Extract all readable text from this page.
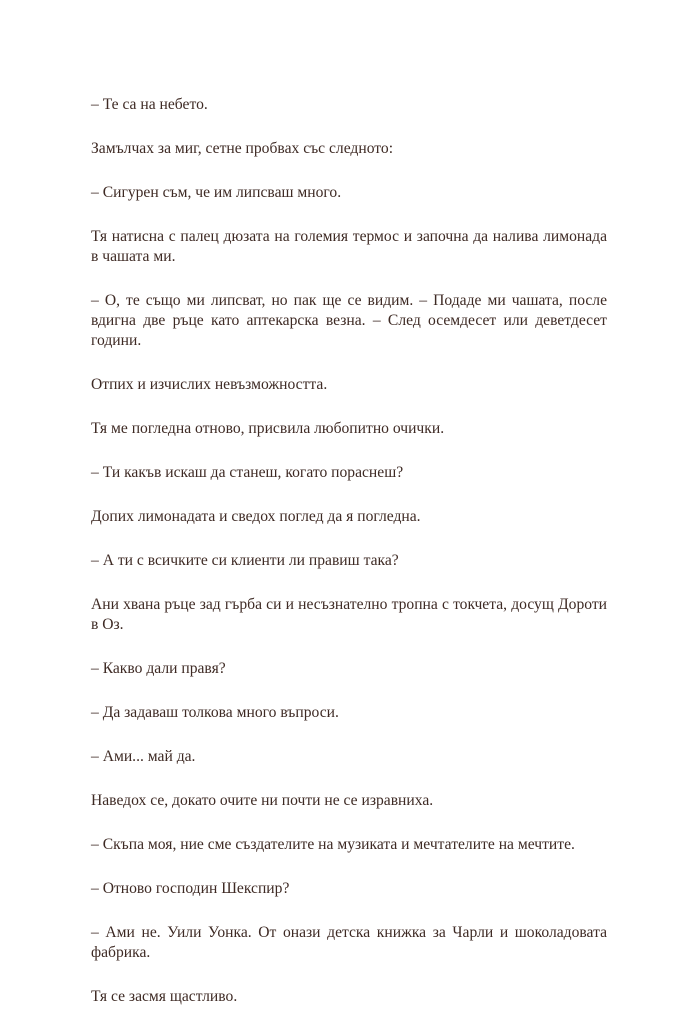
– Те са на небето.

Замълчах за миг, сетне пробвах със следното:

– Сигурен съм, че им липсваш много.

Тя натисна с палец дюзата на големия термос и започна да налива лимонада в чашата ми.

– О, те също ми липсват, но пак ще се видим. – Подаде ми чашата, после вдигна две ръце като аптекарска везна. – След осемдесет или деветдесет години.

Отпих и изчислих невъзможността.

Тя ме погледна отново, присвила любопитно очички.

– Ти какъв искаш да станеш, когато пораснеш?

Допих лимонадата и сведох поглед да я погледна.

– А ти с всичките си клиенти ли правиш така?

Ани хвана ръце зад гърба си и несъзнателно тропна с токчета, досущ Дороти в Оз.

– Какво дали правя?

– Да задаваш толкова много въпроси.

– Ами... май да.

Наведох се, докато очите ни почти не се изравниха.

– Скъпа моя, ние сме създателите на музиката и мечтателите на мечтите.

– Отново господин Шекспир?

– Ами не. Уили Уонка. От онази детска книжка за Чарли и шоколадовата фабрика.

Тя се засмя щастливо.
